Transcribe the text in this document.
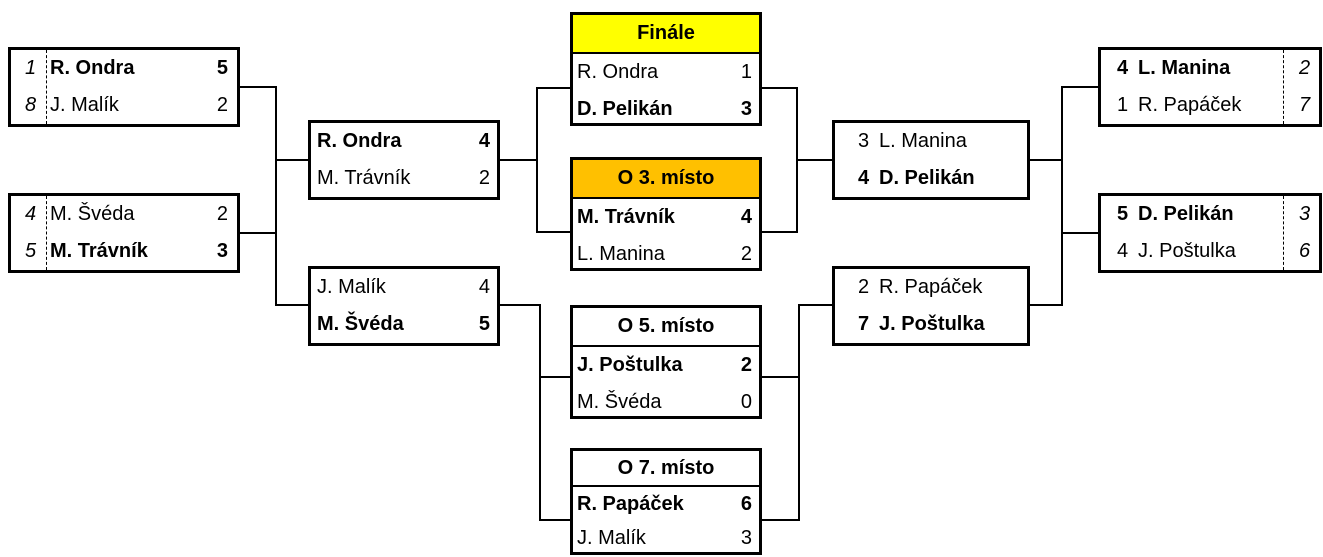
1 R. Ondra	5
8 J. Malík	2
4 M. Švéda	2
5 M. Trávník	3
R. Ondra	4
M. Trávník	2
J. Malík	4
M. Švéda	5
Finále
R. Ondra	1
D. Pelikán	3
O 3. místo
M. Trávník	4
L. Manina	2
O 5. místo
J. Poštulka	2
M. Švéda	0
O 7. místo
R. Papáček	6
J. Malík	3
3 L. Manina
4 D. Pelikán
2 R. Papáček
7 J. Poštulka
4 L. Manina	2
1 R. Papáček	7
5 D. Pelikán	3
4 J. Poštulka	6
